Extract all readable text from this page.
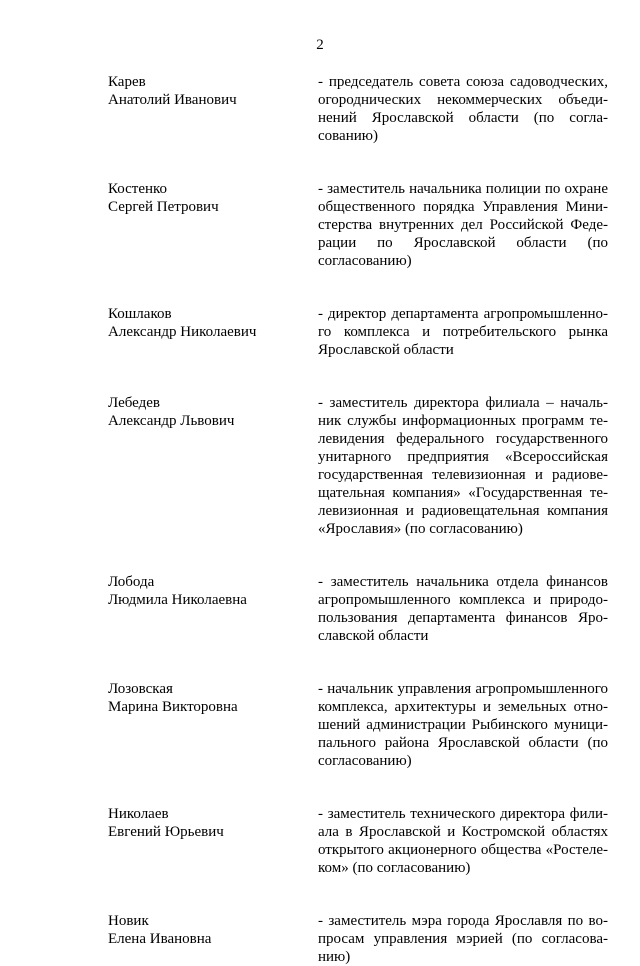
2
Карев
Анатолий Иванович
- председатель совета союза садоводческих,
огороднических некоммерческих объеди-
нений Ярославской области (по согла-
сованию)
Костенко
Сергей Петрович
- заместитель начальника полиции по охране
общественного порядка Управления Мини-
стерства внутренних дел Российской Феде-
рации по Ярославской области (по
согласованию)
Кошлаков
Александр Николаевич
- директор департамента агропромышленно-
го комплекса и потребительского рынка
Ярославской области
Лебедев
Александр Львович
- заместитель директора филиала – началь-
ник службы информационных программ те-
левидения федерального государственного
унитарного предприятия «Всероссийская
государственная телевизионная и радиове-
щательная компания» «Государственная те-
левизионная и радиовещательная компания
«Ярославия» (по согласованию)
Лобода
Людмила Николаевна
- заместитель начальника отдела финансов
агропромышленного комплекса и природо-
пользования департамента финансов Яро-
славской области
Лозовская
Марина Викторовна
- начальник управления агропромышленного
комплекса, архитектуры и земельных отно-
шений администрации Рыбинского муници-
пального района Ярославской области (по
согласованию)
Николаев
Евгений Юрьевич
- заместитель технического директора фили-
ала в Ярославской и Костромской областях
открытого акционерного общества «Ростеле-
ком» (по согласованию)
Новик
Елена Ивановна
- заместитель мэра города Ярославля по во-
просам управления мэрией (по согласова-
нию)
